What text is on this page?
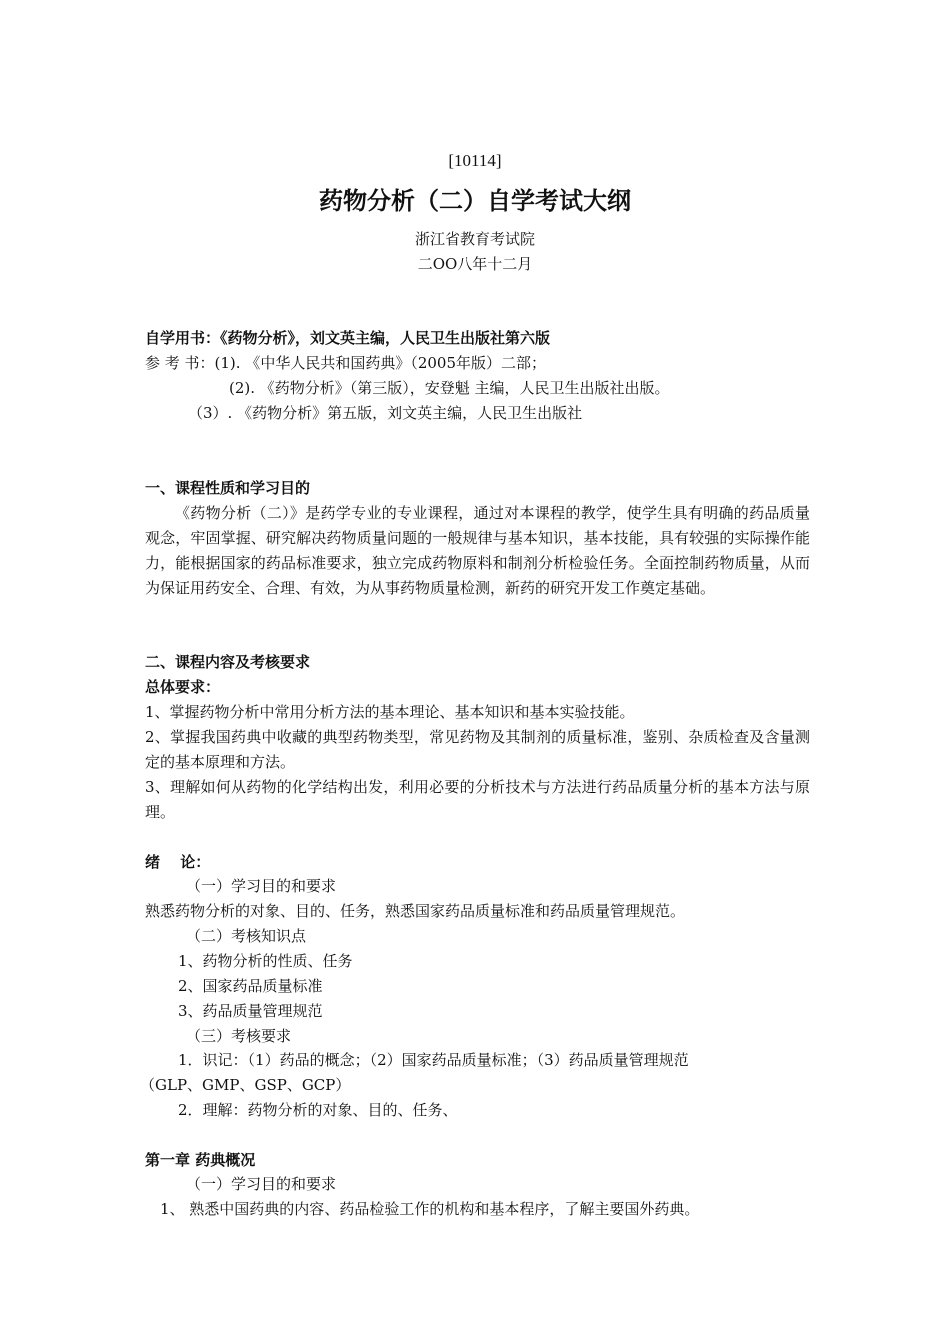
[10114]
药物分析（二）自学考试大纲
浙江省教育考试院
二OO八年十二月
自学用书：《药物分析》，刘文英主编，人民卫生出版社第六版
参 考 书：(1). 《中华人民共和国药典》（2005年版）二部；
(2). 《药物分析》（第三版），安登魁 主编，人民卫生出版社出版。
（3）. 《药物分析》第五版，刘文英主编，人民卫生出版社
一、课程性质和学习目的
《药物分析（二）》是药学专业的专业课程，通过对本课程的教学，使学生具有明确的药品质量观念，牢固掌握、研究解决药物质量问题的一般规律与基本知识，基本技能，具有较强的实际操作能力，能根据国家的药品标准要求，独立完成药物原料和制剂分析检验任务。全面控制药物质量，从而为保证用药安全、合理、有效，为从事药物质量检测，新药的研究开发工作奠定基础。
二、课程内容及考核要求
总体要求：
1、掌握药物分析中常用分析方法的基本理论、基本知识和基本实验技能。
2、掌握我国药典中收藏的典型药物类型，常见药物及其制剂的质量标准，鉴别、杂质检查及含量测定的基本原理和方法。
3、理解如何从药物的化学结构出发，利用必要的分析技术与方法进行药品质量分析的基本方法与原理。
绪　 论：
（一）学习目的和要求
熟悉药物分析的对象、目的、任务，熟悉国家药品质量标准和药品质量管理规范。
（二）考核知识点
1、药物分析的性质、任务
2、国家药品质量标准
3、药品质量管理规范
（三）考核要求
1．识记：（1）药品的概念；（2）国家药品质量标准；（3）药品质量管理规范
（GLP、GMP、GSP、GCP）
2．理解：药物分析的对象、目的、任务、
第一章 药典概况
（一）学习目的和要求
1、 熟悉中国药典的内容、药品检验工作的机构和基本程序，了解主要国外药典。
